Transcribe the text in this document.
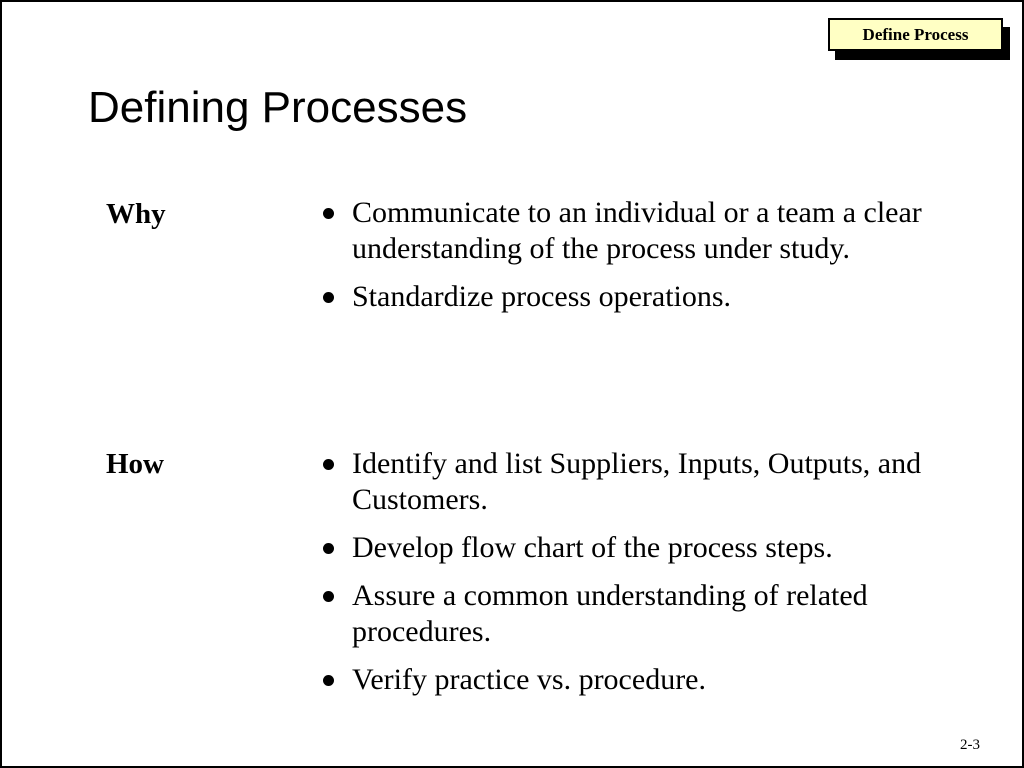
Define Process
Defining Processes
Why	Communicate to an individual or a team a clear understanding of the process under study.
Standardize process operations.
How	Identify and list Suppliers, Inputs, Outputs, and Customers.
Develop flow chart of the process steps.
Assure a common understanding of related procedures.
Verify practice vs. procedure.
2-3
